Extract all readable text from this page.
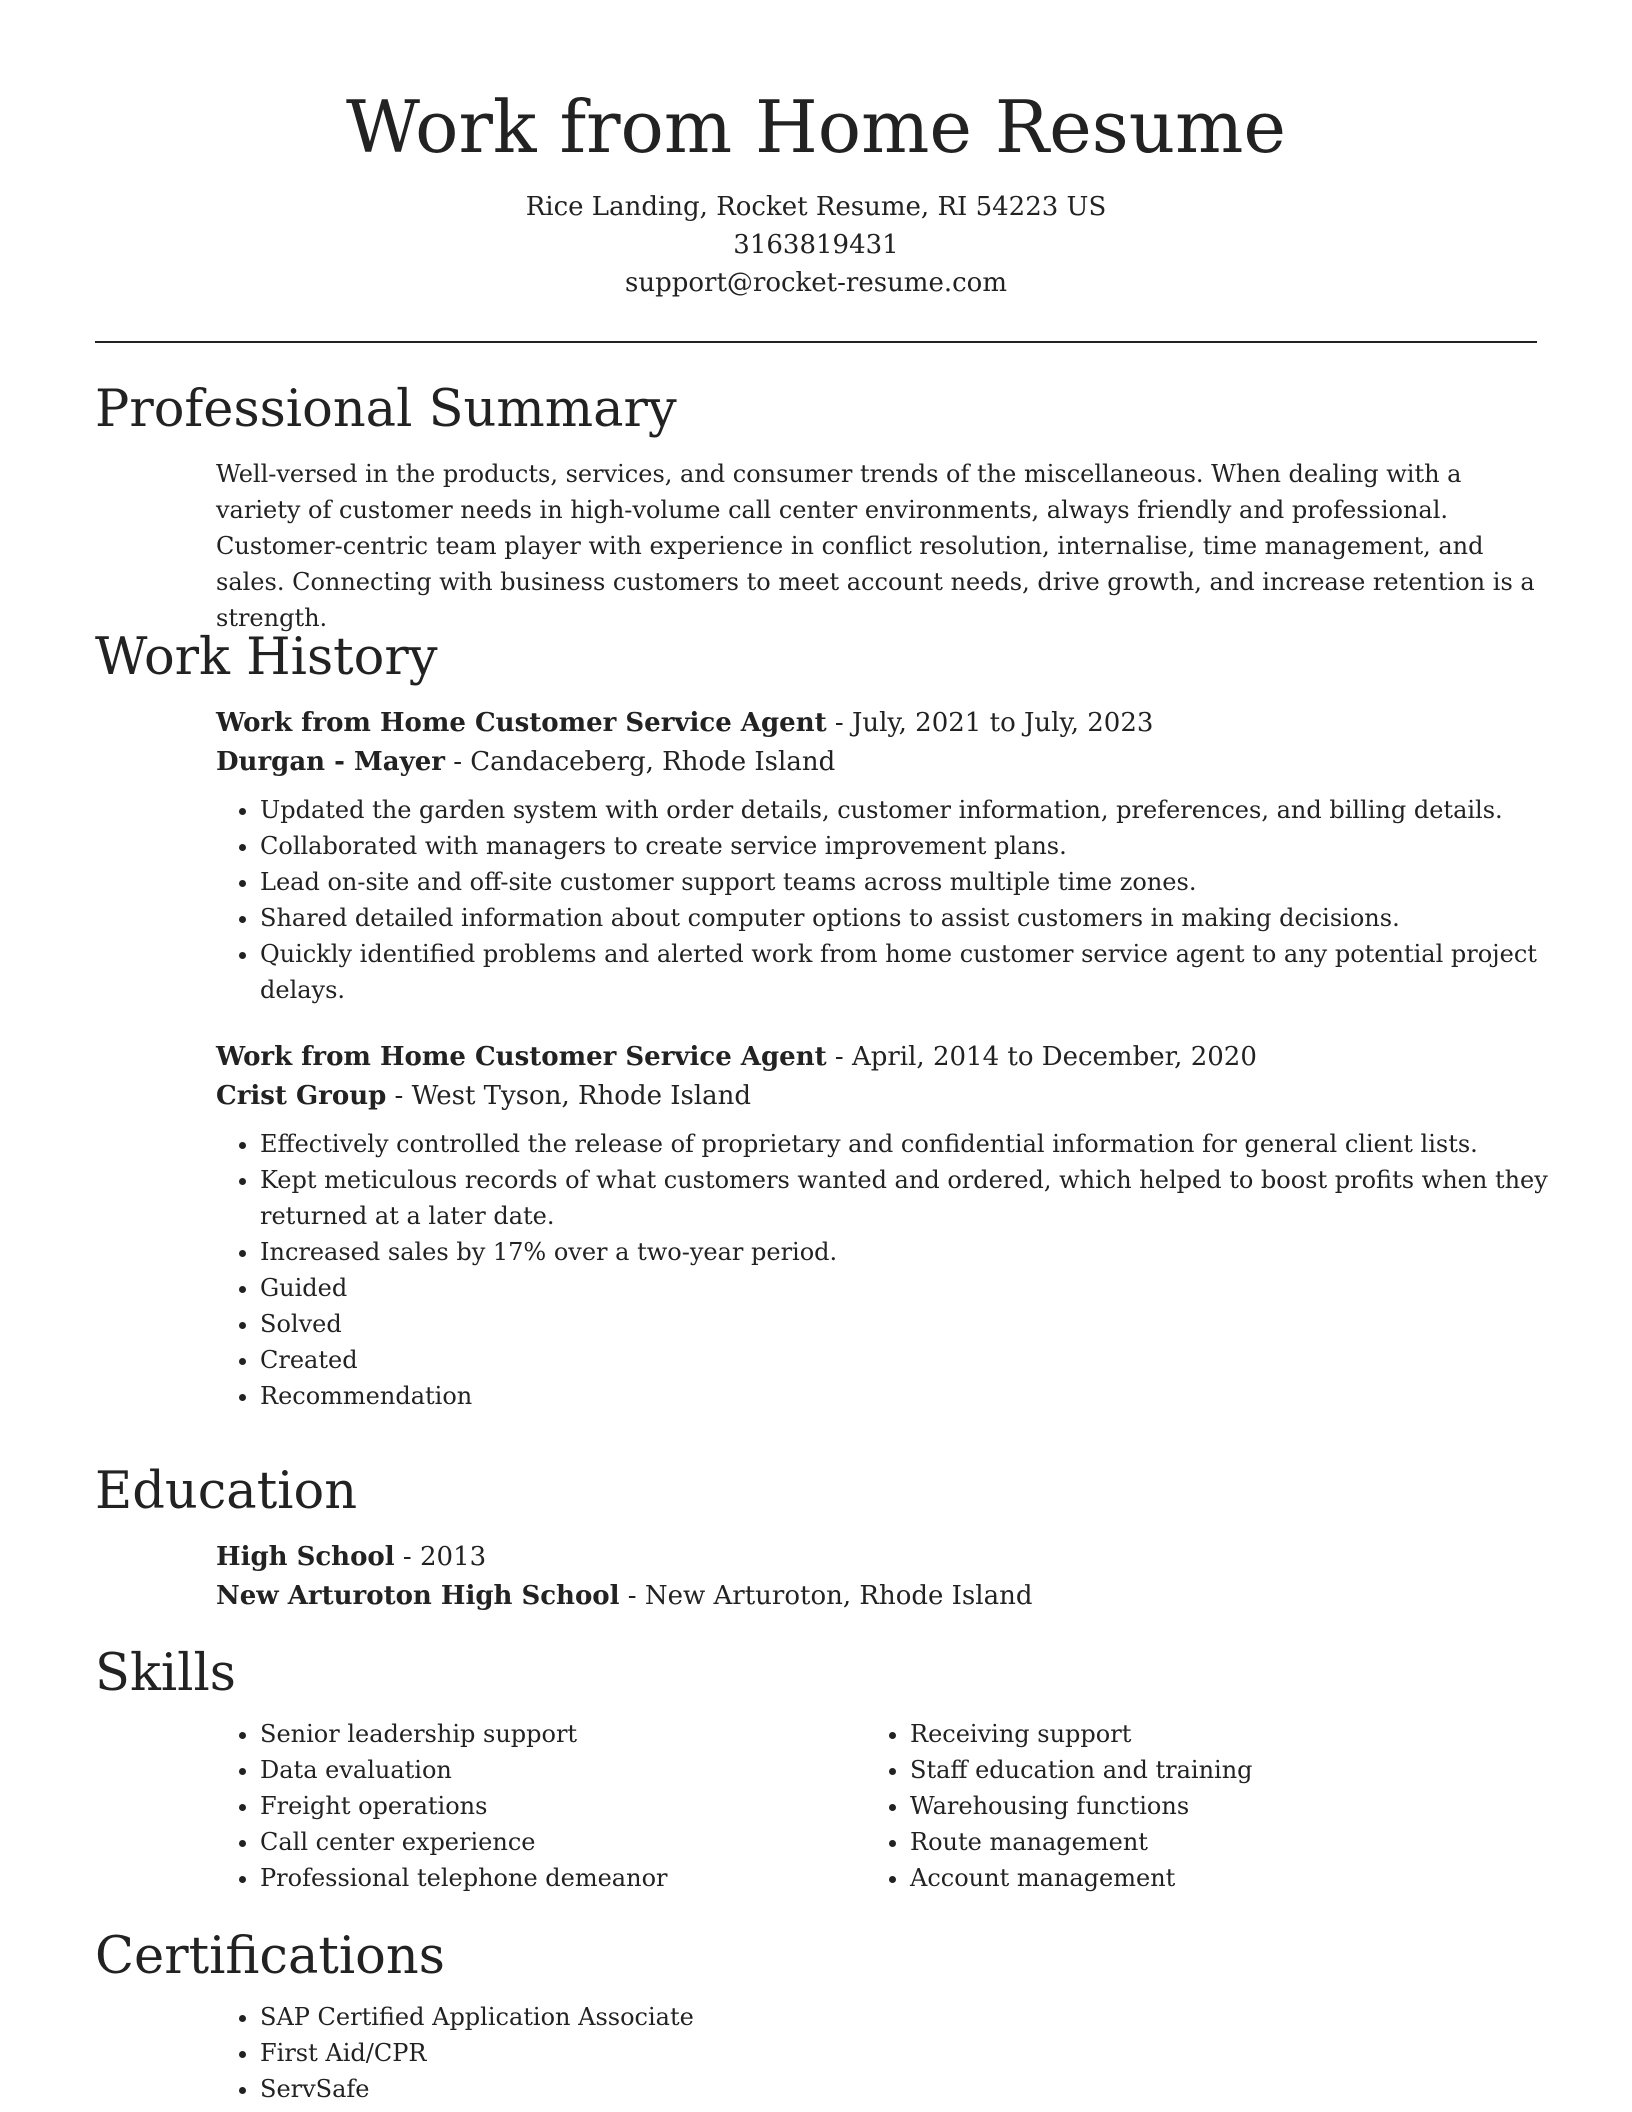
Work from Home Resume
Rice Landing, Rocket Resume, RI 54223 US
3163819431
support@rocket-resume.com
Professional Summary
Well-versed in the products, services, and consumer trends of the miscellaneous. When dealing with a variety of customer needs in high-volume call center environments, always friendly and professional. Customer-centric team player with experience in conflict resolution, internalise, time management, and sales. Connecting with business customers to meet account needs, drive growth, and increase retention is a strength.
Work History
Work from Home Customer Service Agent - July, 2021 to July, 2023
Durgan - Mayer - Candaceberg, Rhode Island
• Updated the garden system with order details, customer information, preferences, and billing details.
• Collaborated with managers to create service improvement plans.
• Lead on-site and off-site customer support teams across multiple time zones.
• Shared detailed information about computer options to assist customers in making decisions.
• Quickly identified problems and alerted work from home customer service agent to any potential project delays.
Work from Home Customer Service Agent - April, 2014 to December, 2020
Crist Group - West Tyson, Rhode Island
• Effectively controlled the release of proprietary and confidential information for general client lists.
• Kept meticulous records of what customers wanted and ordered, which helped to boost profits when they returned at a later date.
• Increased sales by 17% over a two-year period.
• Guided
• Solved
• Created
• Recommendation
Education
High School - 2013
New Arturoton High School - New Arturoton, Rhode Island
Skills
• Senior leadership support
• Data evaluation
• Freight operations
• Call center experience
• Professional telephone demeanor
• Receiving support
• Staff education and training
• Warehousing functions
• Route management
• Account management
Certifications
• SAP Certified Application Associate
• First Aid/CPR
• ServSafe
